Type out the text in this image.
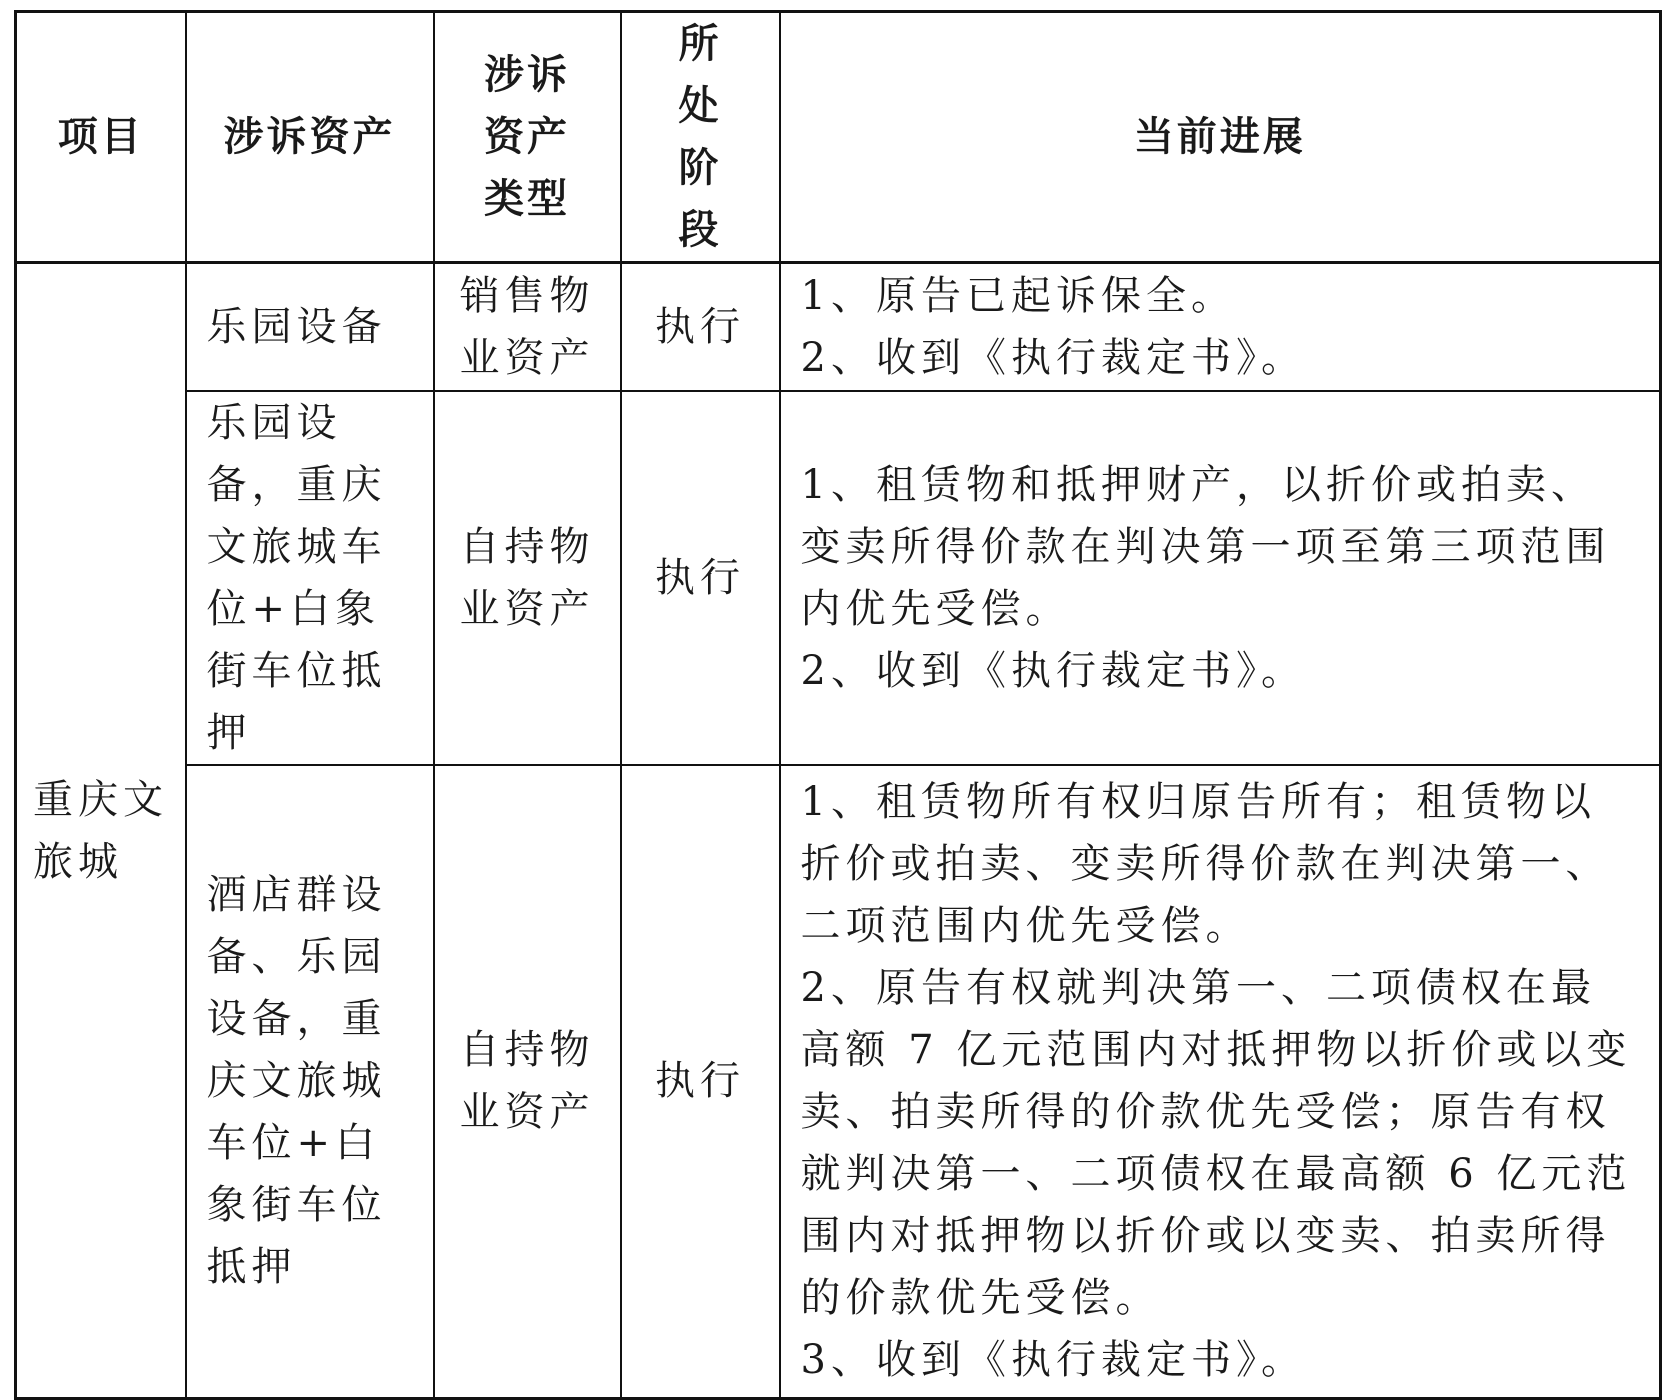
项目	涉诉资产	涉诉资产类型	所处阶段	当前进展
重庆文旅城	乐园设备	销售物业资产	执行	1、原告已起诉保全。

2、收到《执行裁定书》。

	乐园设备，重庆文旅城车位+白象街车位抵押	自持物业资产	执行	1、租赁物和抵押财产，以折价或拍卖、变卖所得价款在判决第一项至第三项范围内优先受偿。

2、收到《执行裁定书》。

	酒店群设备、乐园设备，重庆文旅城车位+白象街车位抵押	自持物业资产	执行	1、租赁物所有权归原告所有；租赁物以折价或拍卖、变卖所得价款在判决第一、二项范围内优先受偿。

2、原告有权就判决第一、二项债权在最高额 7 亿元范围内对抵押物以折价或以变卖、拍卖所得的价款优先受偿；原告有权就判决第一、二项债权在最高额 6 亿元范围内对抵押物以折价或以变卖、拍卖所得的价款优先受偿。

3、收到《执行裁定书》。
